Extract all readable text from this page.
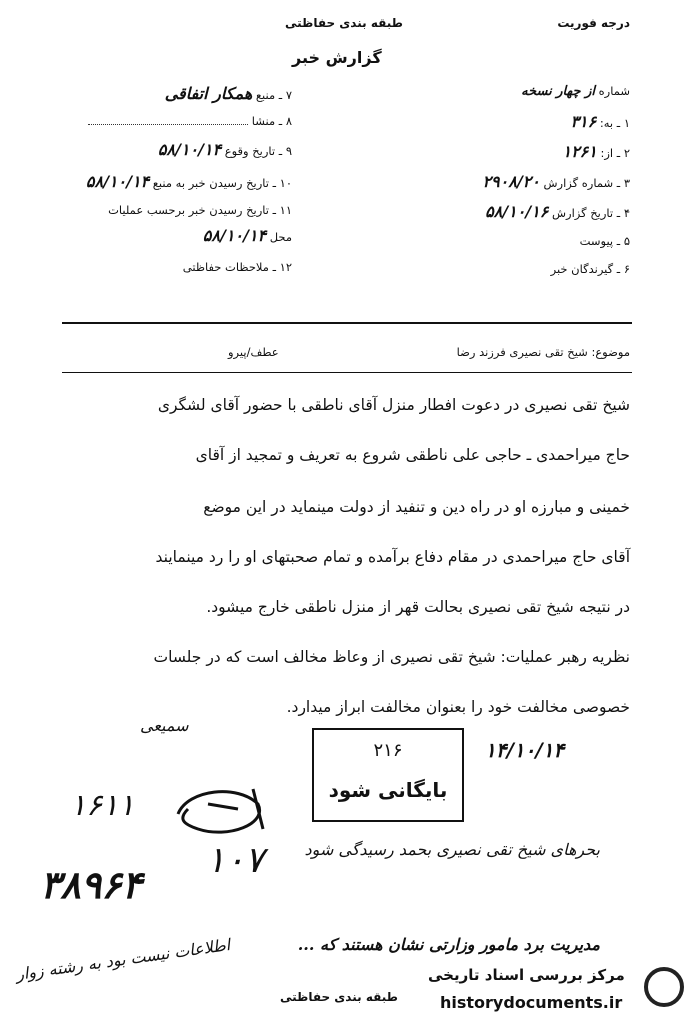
درجه فوریت
طبقه بندی حفاظتی
گزارش خبر
شماره از چهار نسخه
۱ ـ به: ۳۱۶
۲ ـ از: ۱۲۶۱
۳ ـ شماره گزارش ۲۹۰۸/۲۰
۴ ـ تاریخ گزارش ۵۸/۱۰/۱۶
۵ ـ پیوست
۶ ـ گیرندگان خبر
۷ ـ منبع همکار اتفاقی
۸ ـ منشا
۹ ـ تاریخ وقوع ۵۸/۱۰/۱۴
۱۰ ـ تاریخ رسیدن خبر به منبع ۵۸/۱۰/۱۴
۱۱ ـ تاریخ رسیدن خبر برحسب عملیات
محل ۵۸/۱۰/۱۴
۱۲ ـ ملاحظات حفاظتی
موضوع: شیخ تقی نصیری فرزند رضا
عطف/پیرو
شیخ تقی نصیری در دعوت افطار منزل آقای ناطقی با حضور آقای لشگری
حاج میراحمدی ـ حاجی علی ناطقی شروع به تعریف و تمجید از آقای
خمینی و مبارزه او در راه دین و تنفید از دولت مینماید در این موضع
آقای حاج میراحمدی در مقام دفاع برآمده و تمام صحبتهای او را رد مینمایند
در نتیجه شیخ تقی نصیری بحالت قهر از منزل ناطقی خارج میشود.
نظریه رهبر عملیات: شیخ تقی نصیری از وعاظ مخالف است که در جلسات
خصوصی مخالفت خود را بعنوان مخالفت ابراز میدارد.
سمیعی
۲۱۶
بایگانی شود
۱۴/۱۰/۱۴
۱۶۱۱
۳۸۹۶۴
۱۰۷	بحرهای شیخ تقی نصیری بحمد رسیدگی شود
مدیریت برد مامور وزارتی نشان هستند که ...
اطلاعات نیست بود به رشته زوار
طبقه بندی حفاظتی
مرکز بررسی اسناد تاریخی
historydocuments.ir
